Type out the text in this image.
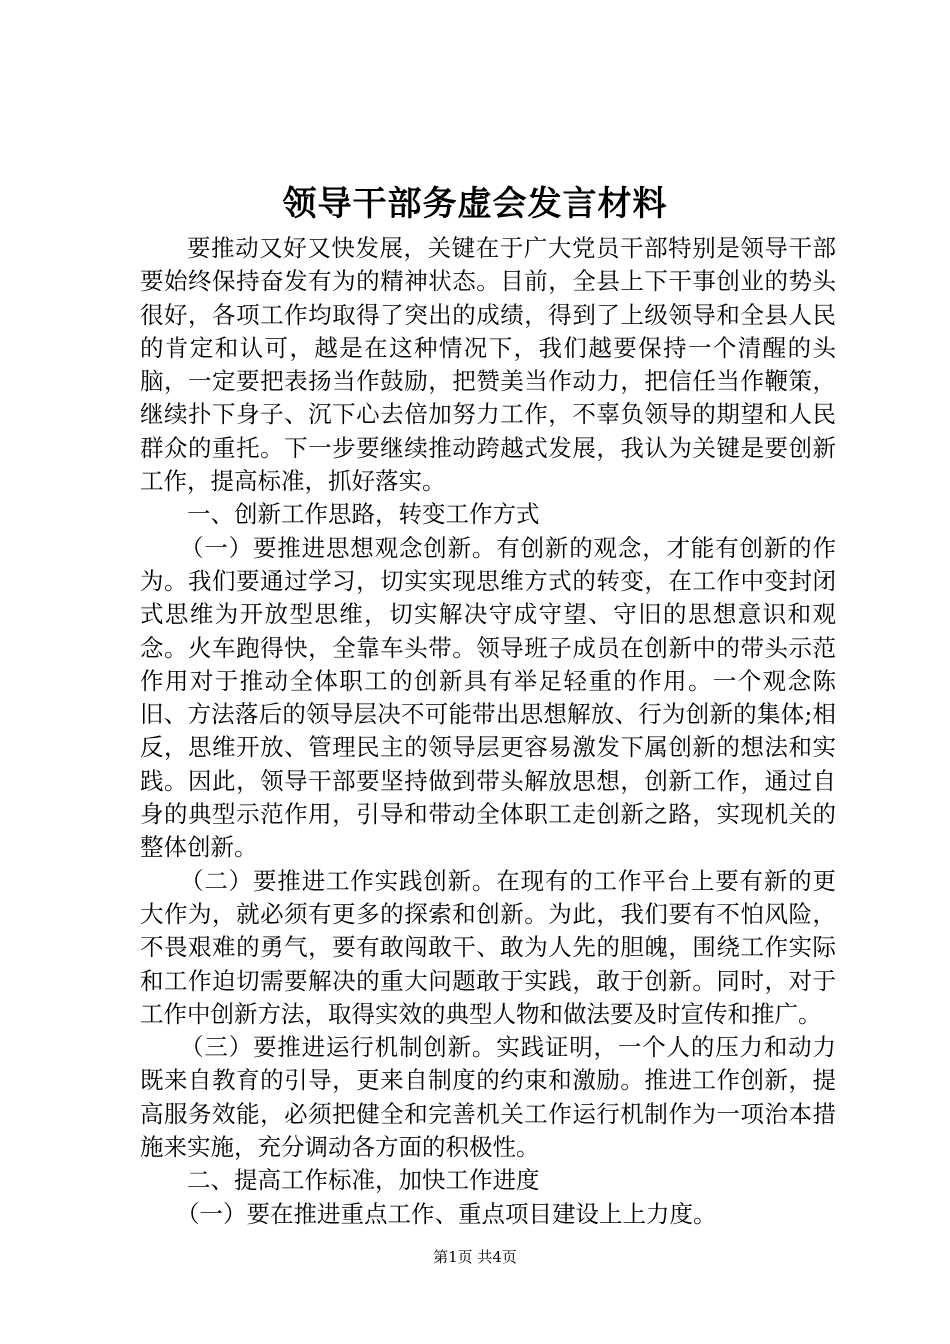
领导干部务虚会发言材料

要推动又好又快发展，关键在于广大党员干部特别是领导干部要始终保持奋发有为的精神状态。目前，全县上下干事创业的势头很好，各项工作均取得了突出的成绩，得到了上级领导和全县人民的肯定和认可，越是在这种情况下，我们越要保持一个清醒的头脑，一定要把表扬当作鼓励，把赞美当作动力，把信任当作鞭策，继续扑下身子、沉下心去倍加努力工作，不辜负领导的期望和人民群众的重托。下一步要继续推动跨越式发展，我认为关键是要创新工作，提高标准，抓好落实。

一、创新工作思路，转变工作方式

（一）要推进思想观念创新。有创新的观念，才能有创新的作为。我们要通过学习，切实实现思维方式的转变，在工作中变封闭式思维为开放型思维，切实解决守成守望、守旧的思想意识和观念。火车跑得快，全靠车头带。领导班子成员在创新中的带头示范作用对于推动全体职工的创新具有举足轻重的作用。一个观念陈旧、方法落后的领导层决不可能带出思想解放、行为创新的集体;相反，思维开放、管理民主的领导层更容易激发下属创新的想法和实践。因此，领导干部要坚持做到带头解放思想，创新工作，通过自身的典型示范作用，引导和带动全体职工走创新之路，实现机关的整体创新。

（二）要推进工作实践创新。在现有的工作平台上要有新的更大作为，就必须有更多的探索和创新。为此，我们要有不怕风险，不畏艰难的勇气，要有敢闯敢干、敢为人先的胆魄，围绕工作实际和工作迫切需要解决的重大问题敢于实践，敢于创新。同时，对于工作中创新方法，取得实效的典型人物和做法要及时宣传和推广。

（三）要推进运行机制创新。实践证明，一个人的压力和动力既来自教育的引导，更来自制度的约束和激励。推进工作创新，提高服务效能，必须把健全和完善机关工作运行机制作为一项治本措施来实施，充分调动各方面的积极性。

二、提高工作标准，加快工作进度

（一）要在推进重点工作、重点项目建设上上力度。

第1页 共4页
